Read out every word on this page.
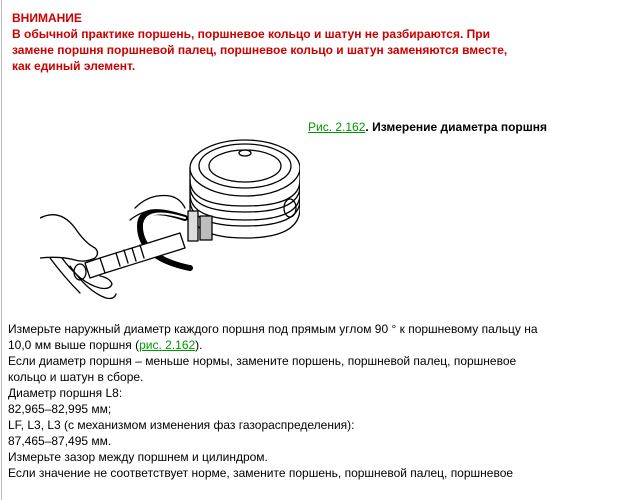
ВНИМАНИЕ
В обычной практике поршень, поршневое кольцо и шатун не разбираются. При
замене поршня поршневой палец, поршневое кольцо и шатун заменяются вместе,
как единый элемент.
Рис. 2.162. Измерение диаметра поршня
Измерьте наружный диаметр каждого поршня под прямым углом 90 ° к поршневому пальцу на
10,0 мм выше поршня (рис. 2.162).
Если диаметр поршня – меньше нормы, замените поршень, поршневой палец, поршневое
кольцо и шатун в сборе.
Диаметр поршня L8:
82,965–82,995 мм;
LF, L3, L3 (с механизмом изменения фаз газораспределения):
87,465–87,495 мм.
Измерьте зазор между поршнем и цилиндром.
Если значение не соответствует норме, замените поршень, поршневой палец, поршневое
